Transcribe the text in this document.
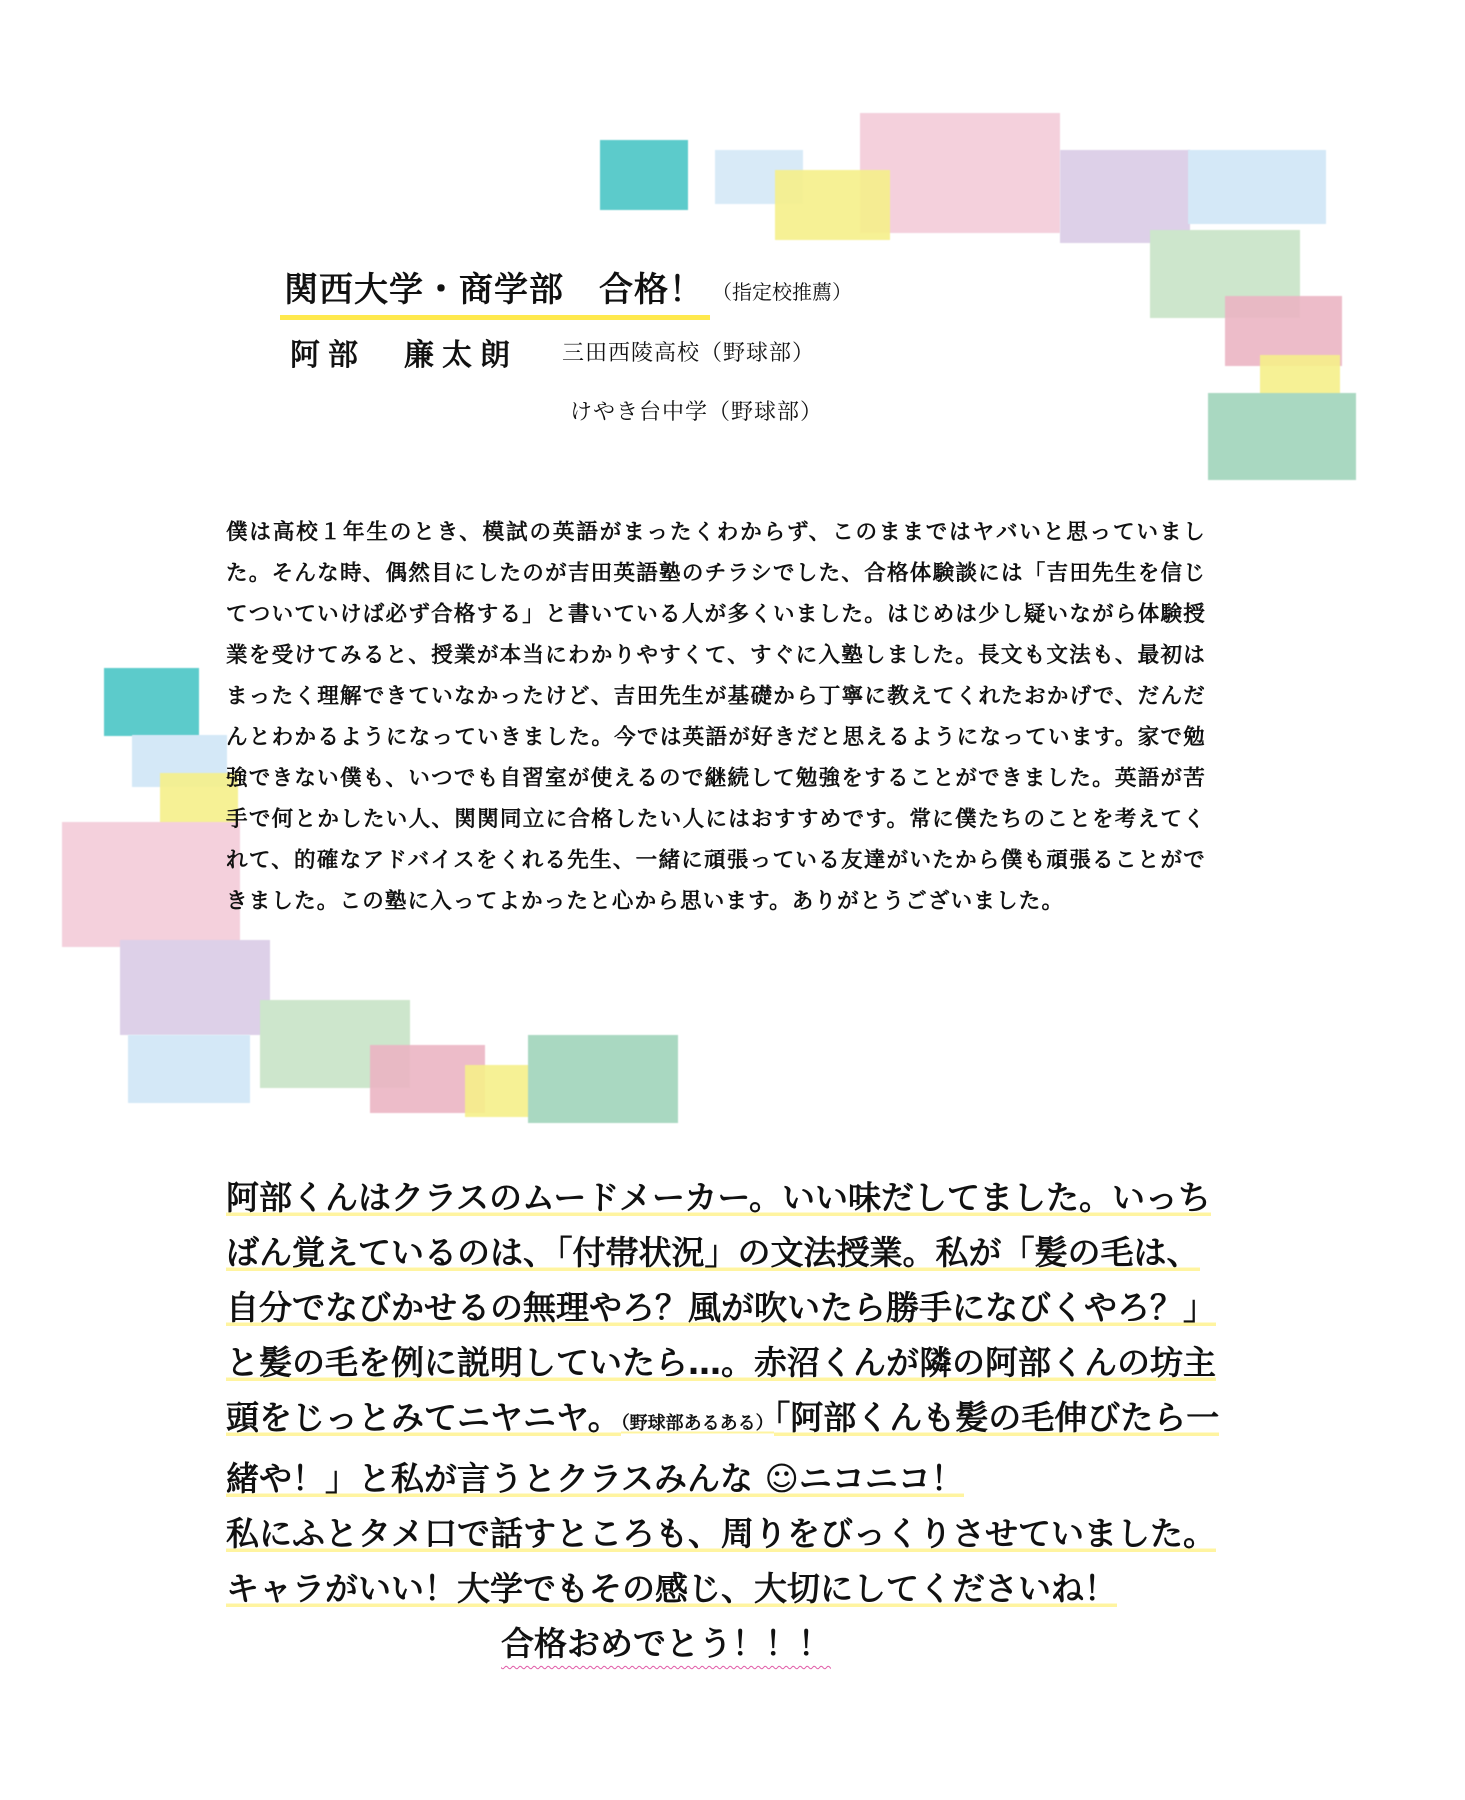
関西大学・商学部　合格！ （指定校推薦）
阿部　廉太朗 三田西陵高校（野球部）
けやき台中学（野球部）

僕は高校１年生のとき、模試の英語がまったくわからず、このままではヤバいと思っていました。そんな時、偶然目にしたのが吉田英語塾のチラシでした、合格体験談には「吉田先生を信じてついていけば必ず合格する」と書いている人が多くいました。はじめは少し疑いながら体験授業を受けてみると、授業が本当にわかりやすくて、すぐに入塾しました。長文も文法も、最初はまったく理解できていなかったけど、吉田先生が基礎から丁寧に教えてくれたおかげで、だんだんとわかるようになっていきました。今では英語が好きだと思えるようになっています。家で勉強できない僕も、いつでも自習室が使えるので継続して勉強をすることができました。英語が苦手で何とかしたい人、関関同立に合格したい人にはおすすめです。常に僕たちのことを考えてくれて、的確なアドバイスをくれる先生、一緒に頑張っている友達がいたから僕も頑張ることができました。この塾に入ってよかったと心から思います。ありがとうございました。

阿部くんはクラスのムードメーカー。いい味だしてました。いっちばん覚えているのは、「付帯状況」の文法授業。私が「髪の毛は、自分でなびかせるの無理やろ？風が吹いたら勝手になびくやろ？」と髪の毛を例に説明していたら…。赤沼くんが隣の阿部くんの坊主頭をじっとみてニヤニヤ。（野球部あるある）「阿部くんも髪の毛伸びたら一緒や！」と私が言うとクラスみんな ☺ニコニコ！
私にふとタメ口で話すところも、周りをびっくりさせていました。
キャラがいい！大学でもその感じ、大切にしてくださいね！

合格おめでとう！！！
